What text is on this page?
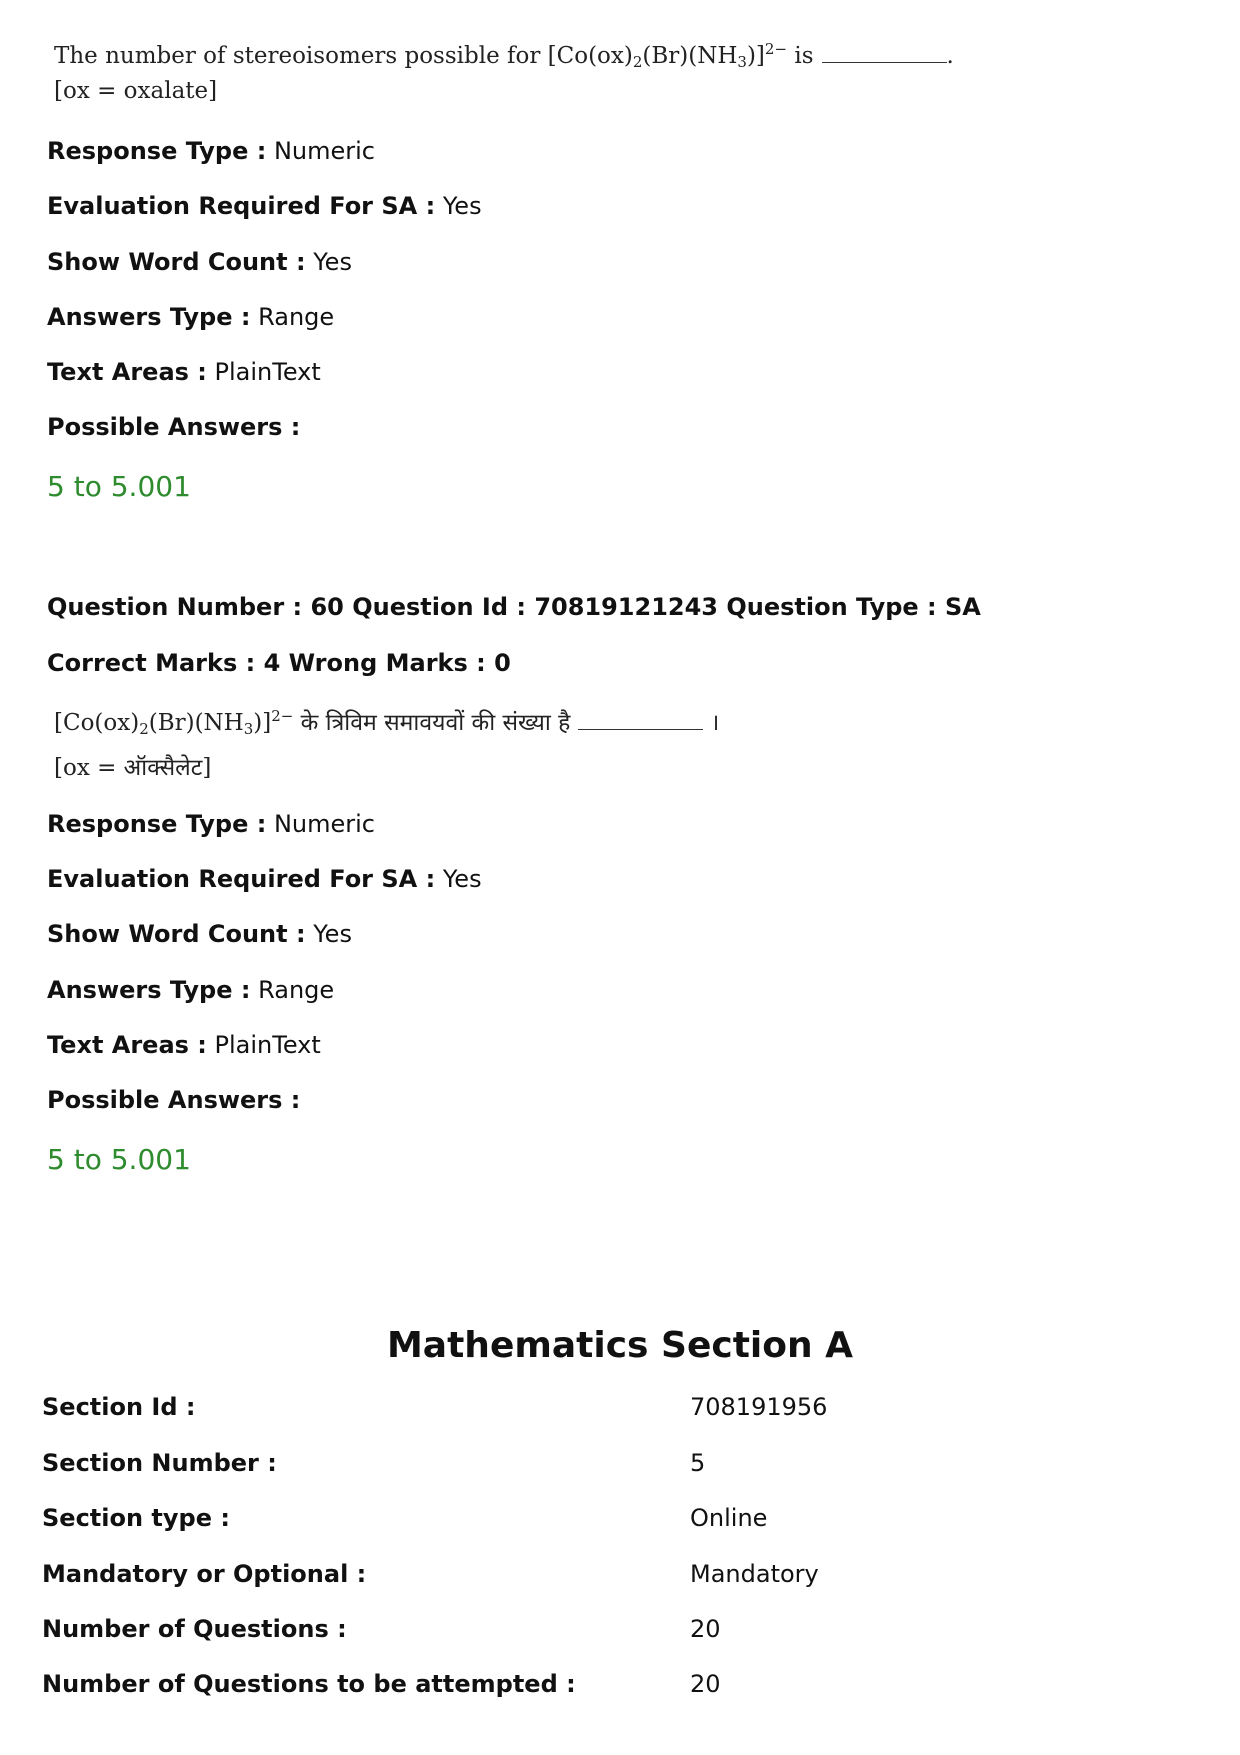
The number of stereoisomers possible for $[Co(ox)_2(Br)(NH_3)]^{2-}$ is	.
[ox = oxalate]
Response Type : Numeric
Evaluation Required For SA : Yes
Show Word Count : Yes
Answers Type : Range
Text Areas : PlainText
Possible Answers :
5 to 5.001
Question Number : 60 Question Id : 70819121243 Question Type : SA
Correct Marks : 4 Wrong Marks : 0
$[Co(ox)_2(Br)(NH_3)]^{2-}$ के त्रिविम समावयवों की संख्या है	।
[ox = ऑक्सैलेट]
Response Type : Numeric
Evaluation Required For SA : Yes
Show Word Count : Yes
Answers Type : Range
Text Areas : PlainText
Possible Answers :
5 to 5.001
Mathematics Section A
Section Id :	708191956
Section Number :	5
Section type :	Online
Mandatory or Optional :	Mandatory
Number of Questions :	20
Number of Questions to be attempted :	20
